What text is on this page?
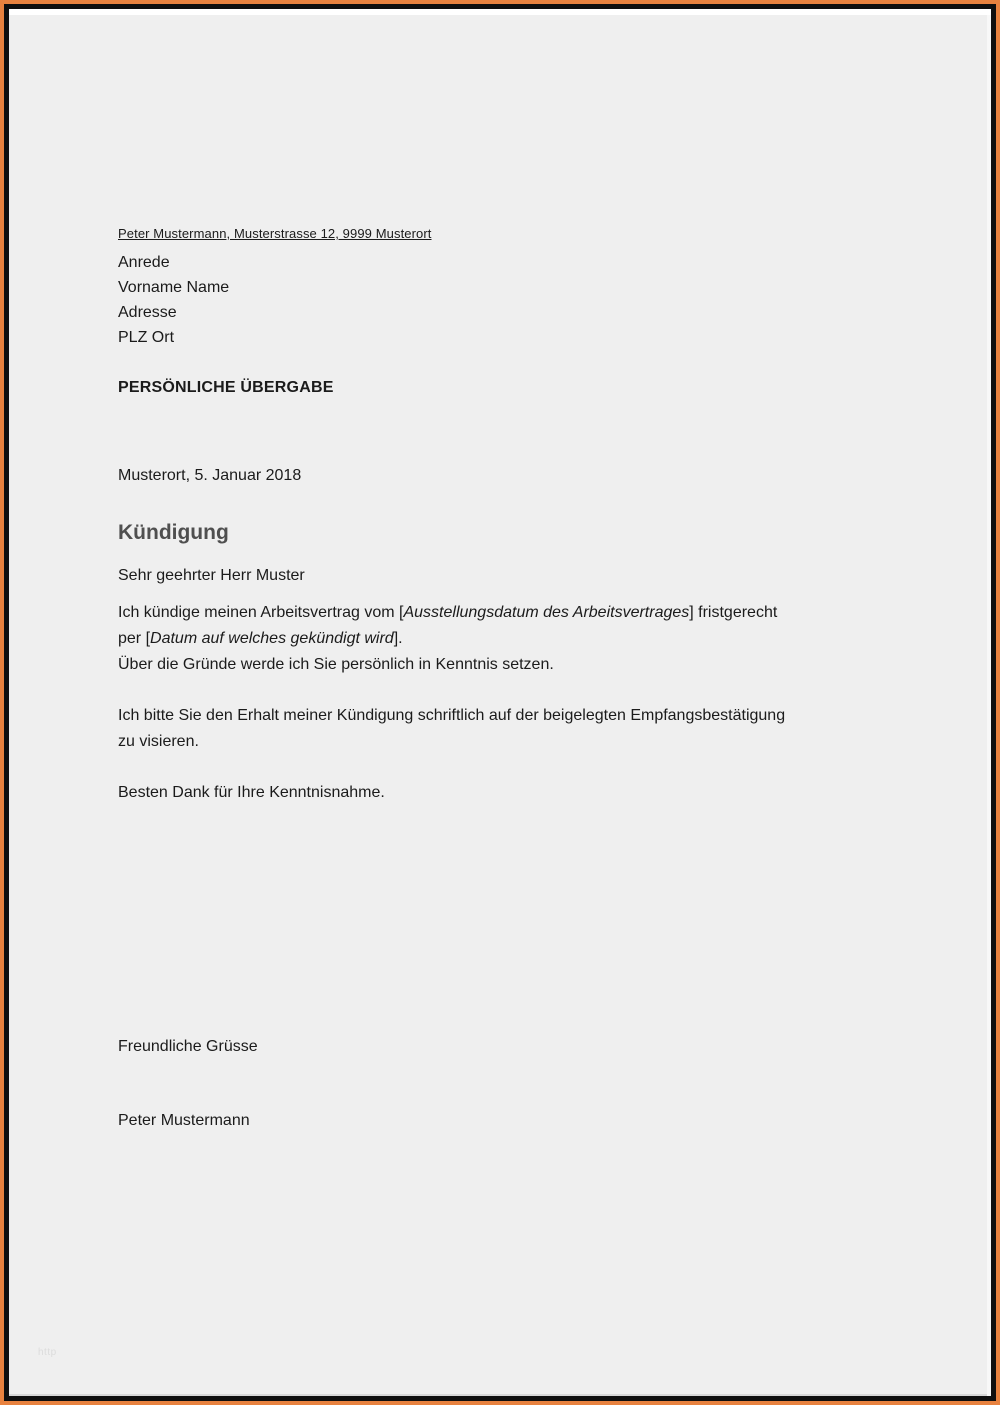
Peter Mustermann, Musterstrasse 12, 9999 Musterort
Anrede
Vorname Name
Adresse
PLZ Ort
PERSÖNLICHE ÜBERGABE
Musterort, 5. Januar 2018
Kündigung
Sehr geehrter Herr Muster
Ich kündige meinen Arbeitsvertrag vom [Ausstellungsdatum des Arbeitsvertrages] fristgerecht
per [Datum auf welches gekündigt wird].
Über die Gründe werde ich Sie persönlich in Kenntnis setzen.
Ich bitte Sie den Erhalt meiner Kündigung schriftlich auf der beigelegten Empfangsbestätigung
zu visieren.
Besten Dank für Ihre Kenntnisnahme.
Freundliche Grüsse
Peter Mustermann
http
